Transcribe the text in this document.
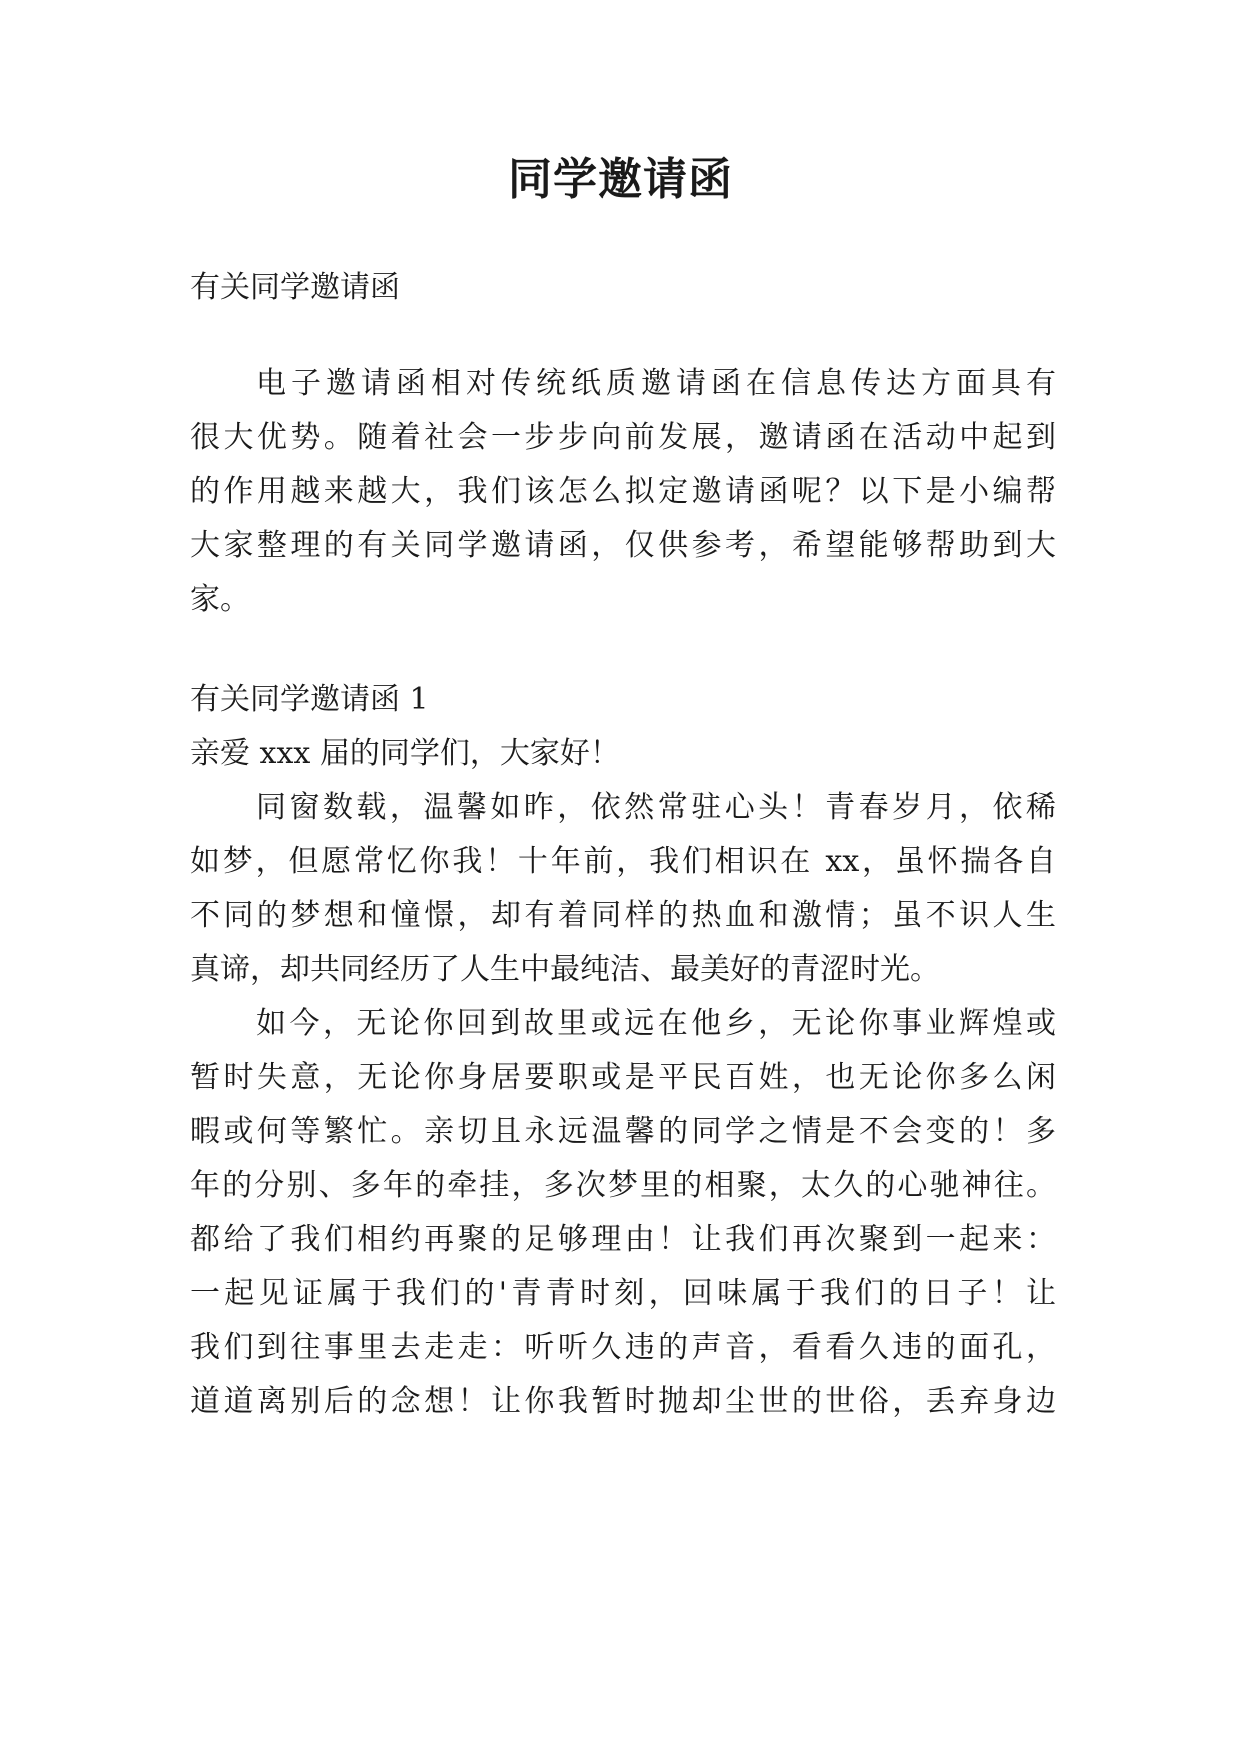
同学邀请函
有关同学邀请函
电子邀请函相对传统纸质邀请函在信息传达方面具有
很大优势。随着社会一步步向前发展，邀请函在活动中起到
的作用越来越大，我们该怎么拟定邀请函呢？以下是小编帮
大家整理的有关同学邀请函，仅供参考，希望能够帮助到大
家。
有关同学邀请函 1
亲爱 xxx 届的同学们，大家好！
同窗数载，温馨如昨，依然常驻心头！青春岁月，依稀
如梦，但愿常忆你我！十年前，我们相识在 xx，虽怀揣各自
不同的梦想和憧憬，却有着同样的热血和激情；虽不识人生
真谛，却共同经历了人生中最纯洁、最美好的青涩时光。
如今，无论你回到故里或远在他乡，无论你事业辉煌或
暂时失意，无论你身居要职或是平民百姓，也无论你多么闲
暇或何等繁忙。亲切且永远温馨的同学之情是不会变的！多
年的分别、多年的牵挂，多次梦里的相聚，太久的心驰神往。
都给了我们相约再聚的足够理由！让我们再次聚到一起来：
一起见证属于我们的'青青时刻，回味属于我们的日子！让
我们到往事里去走走：听听久违的声音，看看久违的面孔，
道道离别后的念想！让你我暂时抛却尘世的世俗，丢弃身边
